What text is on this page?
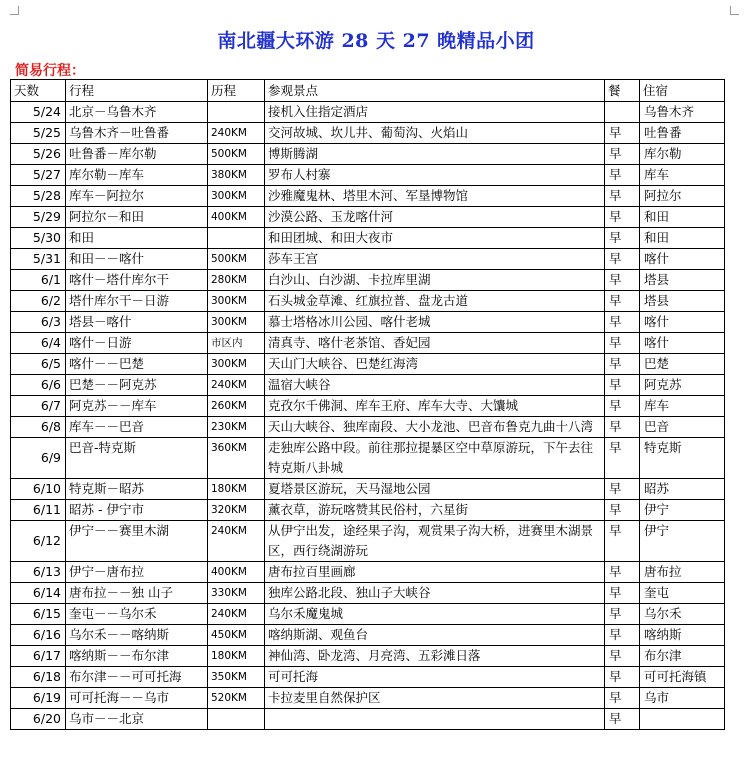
南北疆大环游 28 天 27 晚精品小团
简易行程：
天数	行程	历程	参观景点	餐	住宿
5/24	北京－乌鲁木齐		接机入住指定酒店		乌鲁木齐
5/25	乌鲁木齐－吐鲁番	240KM	交河故城、坎儿井、葡萄沟、火焰山	早	吐鲁番
5/26	吐鲁番－库尔勒	500KM	博斯腾湖	早	库尔勒
5/27	库尔勒－库车	380KM	罗布人村寨	早	库车
5/28	库车－阿拉尔	300KM	沙雅魔鬼林、塔里木河、军垦博物馆	早	阿拉尔
5/29	阿拉尔－和田	400KM	沙漠公路、玉龙喀什河	早	和田
5/30	和田		和田团城、和田大夜市	早	和田
5/31	和田－－喀什	500KM	莎车王宫	早	喀什
6/1	喀什－塔什库尔干	280KM	白沙山、白沙湖、卡拉库里湖	早	塔县
6/2	塔什库尔干－日游	300KM	石头城金草滩、红旗拉普、盘龙古道	早	塔县
6/3	塔县－喀什	300KM	慕士塔格冰川公园、喀什老城	早	喀什
6/4	喀什－日游	市区内	清真寺、喀什老茶馆、香妃园	早	喀什
6/5	喀什－－巴楚	300KM	天山门大峡谷、巴楚红海湾	早	巴楚
6/6	巴楚－－阿克苏	240KM	温宿大峡谷	早	阿克苏
6/7	阿克苏－－库车	260KM	克孜尔千佛洞、库车王府、库车大寺、大馕城	早	库车
6/8	库车－－巴音	230KM	天山大峡谷、独库南段、大小龙池、巴音布鲁克九曲十八湾	早	巴音
6/9	巴音-特克斯	360KM	走独库公路中段。前往那拉提暴区空中草原游玩，下午去往特克斯八卦城	早	特克斯
6/10	特克斯－昭苏	180KM	夏塔景区游玩，天马湿地公园	早	昭苏
6/11	昭苏 - 伊宁市	320KM	薰衣草，游玩喀赞其民俗村，六星街	早	伊宁
6/12	伊宁－－赛里木湖	240KM	从伊宁出发，途经果子沟，观赏果子沟大桥，进赛里木湖景区，西行绕湖游玩	早	伊宁
6/13	伊宁－唐布拉	400KM	唐布拉百里画廊	早	唐布拉
6/14	唐布拉－－独 山子	330KM	独库公路北段、独山子大峡谷	早	奎屯
6/15	奎屯－－乌尔禾	240KM	乌尔禾魔鬼城	早	乌尔禾
6/16	乌尔禾－－喀纳斯	450KM	喀纳斯湖、观鱼台	早	喀纳斯
6/17	喀纳斯－－布尔津	180KM	神仙湾、卧龙湾、月亮湾、五彩滩日落	早	布尔津
6/18	布尔津－－可可托海	350KM	可可托海	早	可可托海镇
6/19	可可托海－－乌市	520KM	卡拉麦里自然保护区	早	乌市
6/20	乌市－－北京			早	
